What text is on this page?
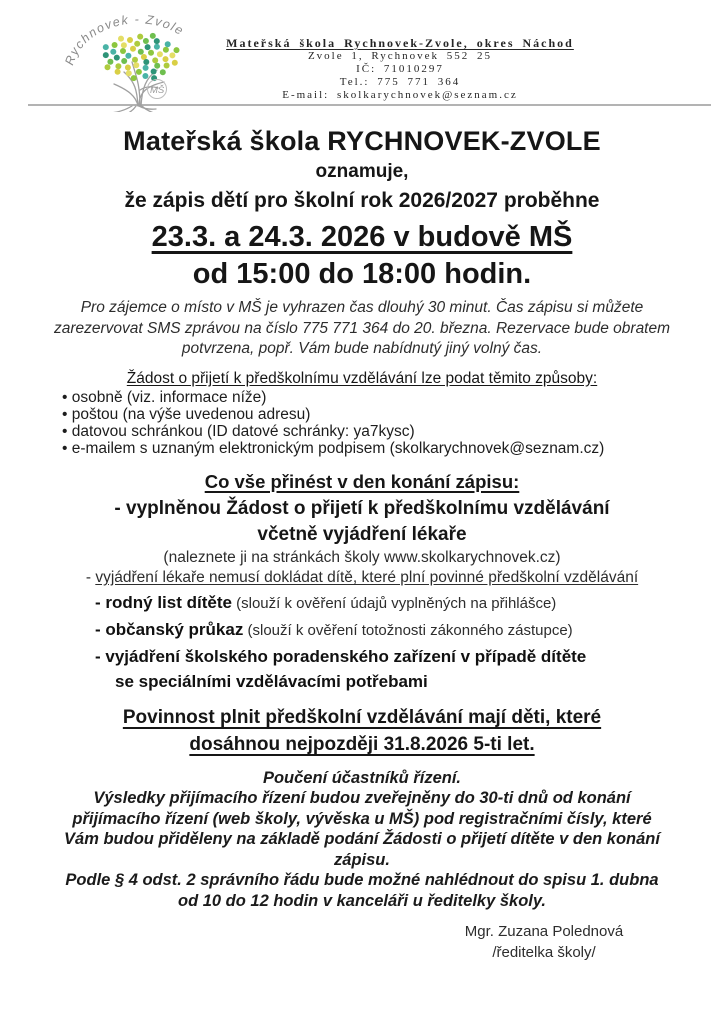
Rychnovek - Zvole
MŠ
Mateřská škola Rychnovek-Zvole, okres Náchod
Zvole 1, Rychnovek 552 25
IČ: 71010297
Tel.: 775 771 364
E-mail: skolkarychnovek@seznam.cz
Mateřská škola RYCHNOVEK-ZVOLE
oznamuje,
že zápis dětí pro školní rok 2026/2027 proběhne
23.3. a 24.3. 2026 v budově MŠ
od 15:00 do 18:00 hodin.

Pro zájemce o místo v MŠ je vyhrazen čas dlouhý 30 minut. Čas zápisu si můžete zarezervovat SMS zprávou na číslo 775 771 364 do 20. března. Rezervace bude obratem potvrzena, popř. Vám bude nabídnutý jiný volný čas.

Žádost o přijetí k předškolnímu vzdělávání lze podat těmito způsoby:
• osobně (viz. informace níže)
• poštou (na výše uvedenou adresu)
• datovou schránkou (ID datové schránky: ya7kysc)
• e-mailem s uznaným elektronickým podpisem (skolkarychnovek@seznam.cz)
Co vše přinést v den konání zápisu:
- vyplněnou Žádost o přijetí k předškolnímu vzdělávání
včetně vyjádření lékaře
(naleznete ji na stránkách školy www.skolkarychnovek.cz)
- vyjádření lékaře nemusí dokládat dítě, které plní povinné předškolní vzdělávání
- rodný list dítěte (slouží k ověření údajů vyplněných na přihlášce)
- občanský průkaz (slouží k ověření totožnosti zákonného zástupce)
- vyjádření školského poradenského zařízení v případě dítěte se speciálními vzdělávacími potřebami
Povinnost plnit předškolní vzdělávání mají děti, které dosáhnou nejpozději 31.8.2026 5-ti let.
Poučení účastníků řízení.
Výsledky přijímacího řízení budou zveřejněny do 30-ti dnů od konání přijímacího řízení (web školy, vývěska u MŠ) pod registračními čísly, které Vám budou přiděleny na základě podání Žádosti o přijetí dítěte v den konání zápisu.
Podle § 4 odst. 2 správního řádu bude možné nahlédnout do spisu 1. dubna od 10 do 12 hodin v kanceláři u ředitelky školy.
Mgr. Zuzana Polednová
/ředitelka školy/
